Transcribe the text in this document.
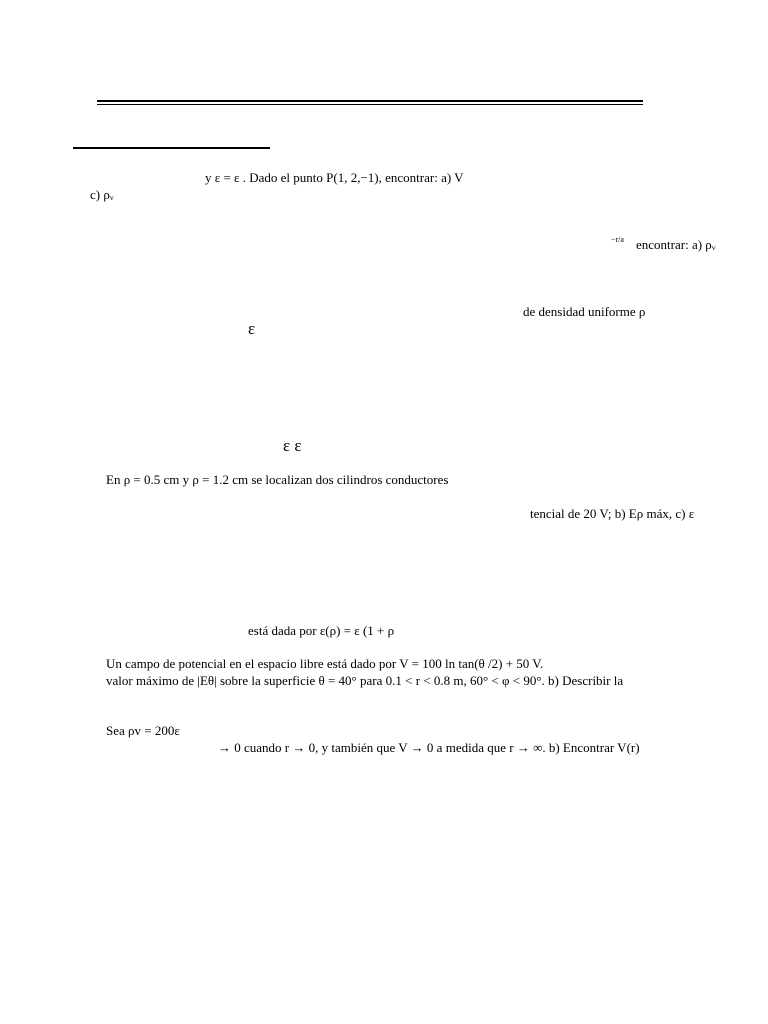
y ε = ε . Dado el punto P(1, 2,−1), encontrar: a) V
c) ρᵥ
−r/a encontrar: a) ρᵥ
de densidad uniforme ρ
ε
ε ε
En ρ = 0.5 cm y ρ = 1.2 cm se localizan dos cilindros conductores
tencial de 20 V; b) Eρ máx, c) ε
está dada por ε(ρ) = ε (1 + ρ
Un campo de potencial en el espacio libre está dado por V = 100 ln tan(θ /2) + 50 V.
valor máximo de |Eθ| sobre la superficie θ = 40° para 0.1 < r < 0.8 m, 60° < φ < 90°. b) Describir la
Sea ρv = 200ε
→ 0 cuando r → 0, y también que V → 0 a medida que r → ∞. b) Encontrar V(r)
